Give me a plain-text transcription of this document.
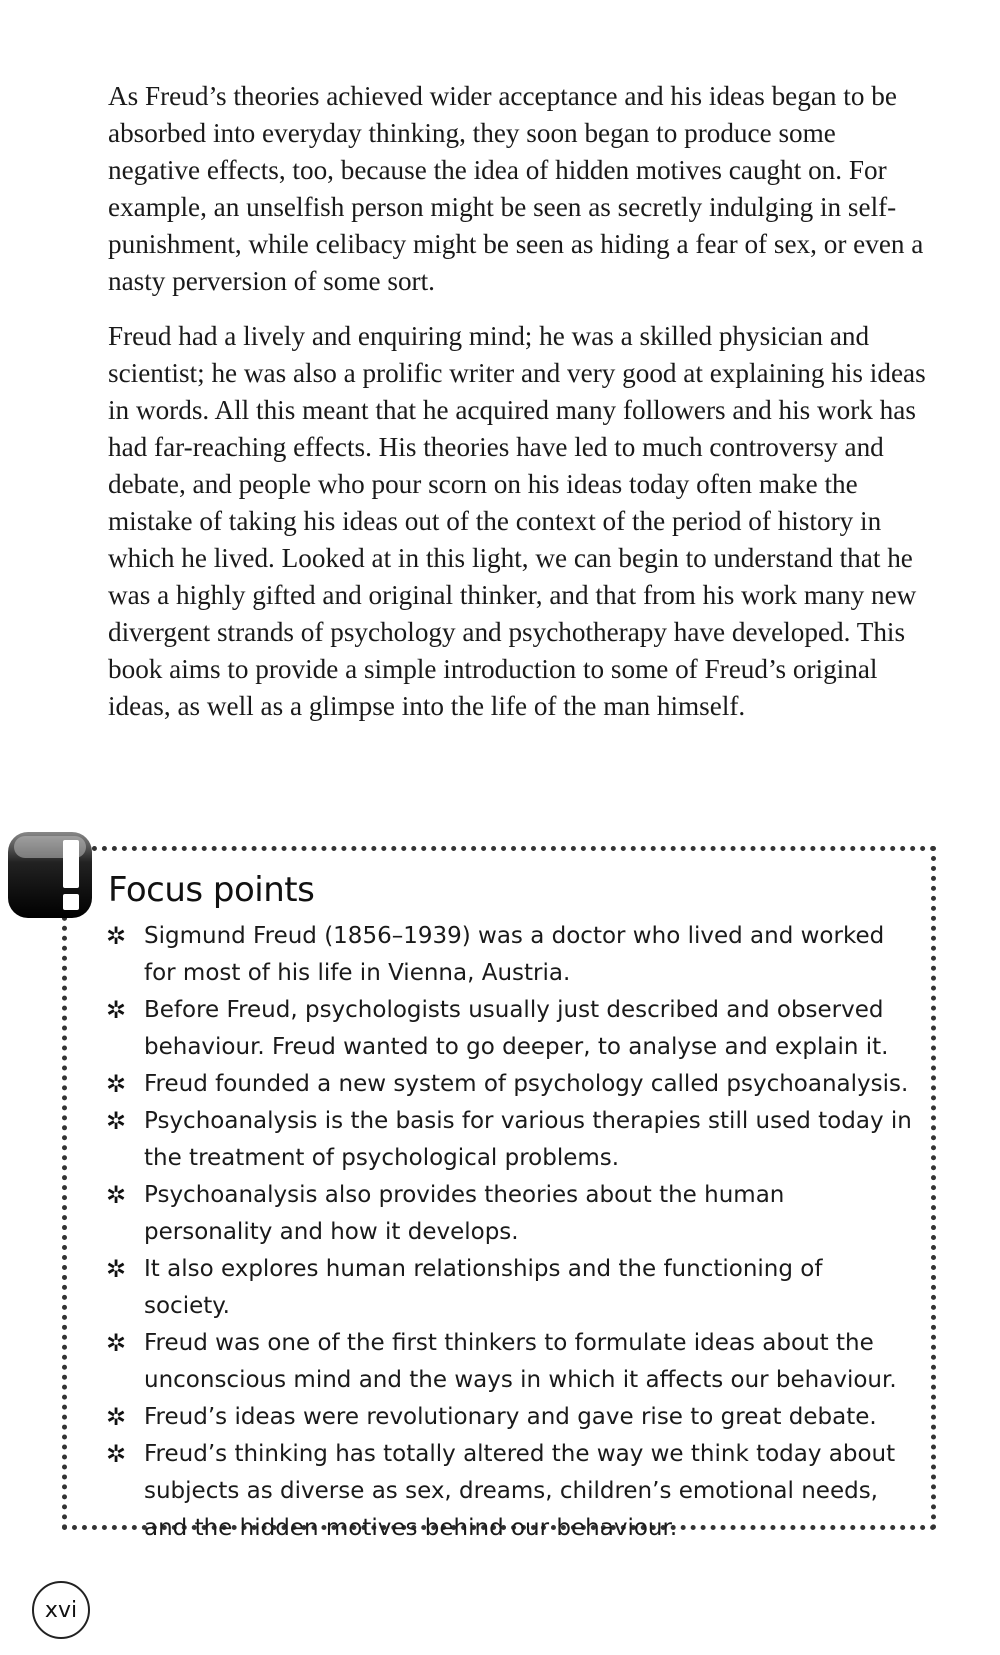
As Freud’s theories achieved wider acceptance and his ideas began to be absorbed into everyday thinking, they soon began to produce some negative effects, too, because the idea of hidden motives caught on. For example, an unselfish person might be seen as secretly indulging in self-punishment, while celibacy might be seen as hiding a fear of sex, or even a nasty perversion of some sort.

Freud had a lively and enquiring mind; he was a skilled physician and scientist; he was also a prolific writer and very good at explaining his ideas in words. All this meant that he acquired many followers and his work has had far-reaching effects. His theories have led to much controversy and debate, and people who pour scorn on his ideas today often make the mistake of taking his ideas out of the context of the period of history in which he lived. Looked at in this light, we can begin to understand that he was a highly gifted and original thinker, and that from his work many new divergent strands of psychology and psychotherapy have developed. This book aims to provide a simple introduction to some of Freud’s original ideas, as well as a glimpse into the life of the man himself.

Focus points
✲ Sigmund Freud (1856–1939) was a doctor who lived and worked for most of his life in Vienna, Austria.
✲ Before Freud, psychologists usually just described and observed behaviour. Freud wanted to go deeper, to analyse and explain it.
✲ Freud founded a new system of psychology called psychoanalysis.
✲ Psychoanalysis is the basis for various therapies still used today in the treatment of psychological problems.
✲ Psychoanalysis also provides theories about the human personality and how it develops.
✲ It also explores human relationships and the functioning of society.
✲ Freud was one of the first thinkers to formulate ideas about the unconscious mind and the ways in which it affects our behaviour.
✲ Freud’s ideas were revolutionary and gave rise to great debate.
✲ Freud’s thinking has totally altered the way we think today about subjects as diverse as sex, dreams, children’s emotional needs, and the hidden motives behind our behaviour.
xvi
